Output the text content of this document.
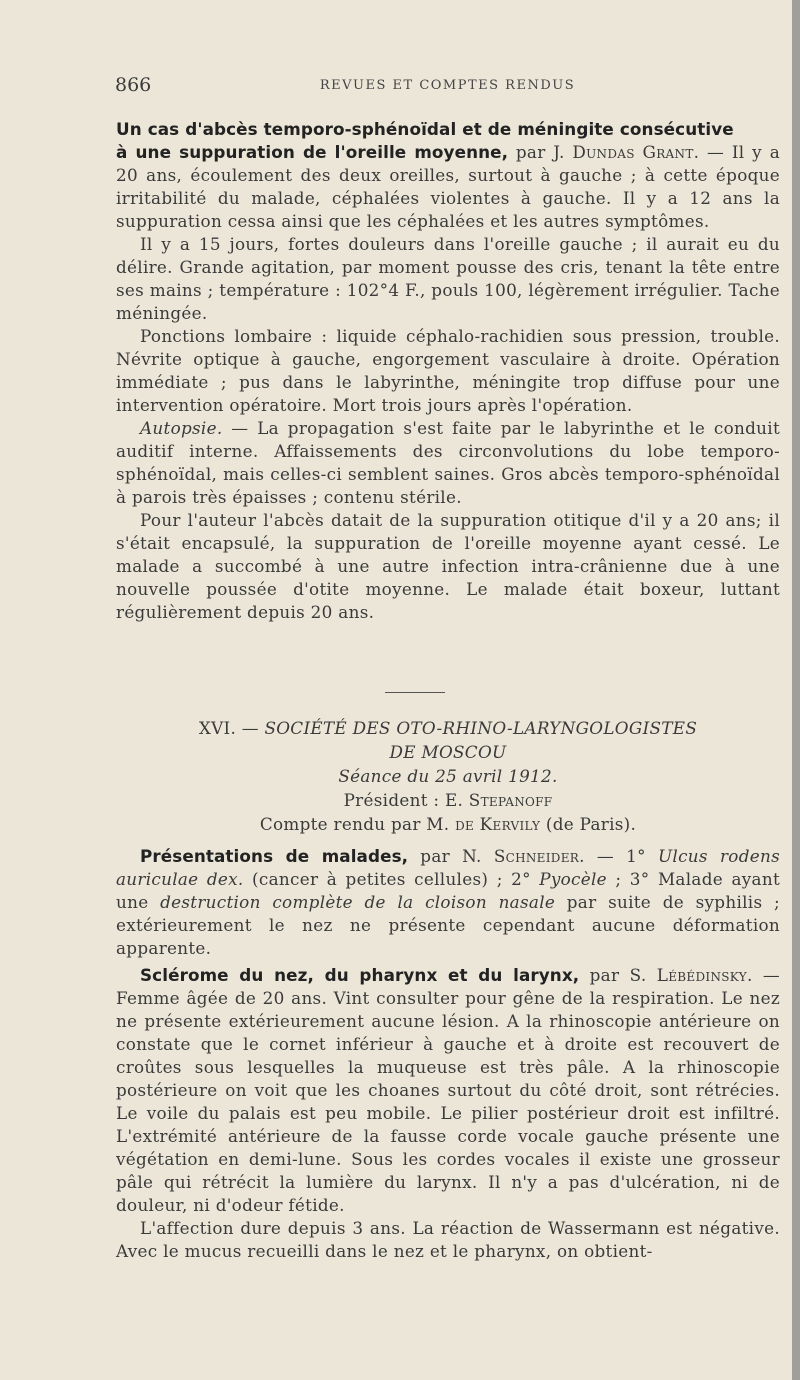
866	REVUES ET COMPTES RENDUS

Un cas d'abcès temporo-sphénoïdal et de méningite consécutive

à une suppuration de l'oreille moyenne, par J. Dundas Grant. — Il y a 20 ans, écoulement des deux oreilles, surtout à gauche ; à cette époque irritabilité du malade, céphalées violentes à gauche. Il y a 12 ans la suppuration cessa ainsi que les céphalées et les autres symptômes.

Il y a 15 jours, fortes douleurs dans l'oreille gauche ; il aurait eu du délire. Grande agitation, par moment pousse des cris, tenant la tête entre ses mains ; température : 102°4 F., pouls 100, légèrement irrégulier. Tache méningée.

Ponctions lombaire : liquide céphalo-rachidien sous pression, trouble. Névrite optique à gauche, engorgement vasculaire à droite. Opération immédiate ; pus dans le labyrinthe, méningite trop diffuse pour une intervention opératoire. Mort trois jours après l'opération.

Autopsie. — La propagation s'est faite par le labyrinthe et le conduit auditif interne. Affaissements des circonvolutions du lobe temporo-sphénoïdal, mais celles-ci semblent saines. Gros abcès temporo-sphénoïdal à parois très épaisses ; contenu stérile.

Pour l'auteur l'abcès datait de la suppuration otitique d'il y a 20 ans; il s'était encapsulé, la suppuration de l'oreille moyenne ayant cessé. Le malade a succombé à une autre infection intra-crânienne due à une nouvelle poussée d'otite moyenne. Le malade était boxeur, luttant régulièrement depuis 20 ans.

XVI. — SOCIÉTÉ DES OTO-RHINO-LARYNGOLOGISTES

DE MOSCOU

Séance du 25 avril 1912.

Président : E. Stepanoff

Compte rendu par M. de Kervily (de Paris).

Présentations de malades, par N. Schneider. — 1° Ulcus rodens auriculae dex. (cancer à petites cellules) ; 2° Pyocèle ; 3° Malade ayant une destruction complète de la cloison nasale par suite de syphilis ; extérieurement le nez ne présente cependant aucune déformation apparente.

Sclérome du nez, du pharynx et du larynx, par S. Lébédinsky. — Femme âgée de 20 ans. Vint consulter pour gêne de la respiration. Le nez ne présente extérieurement aucune lésion. A la rhinoscopie antérieure on constate que le cornet inférieur à gauche et à droite est recouvert de croûtes sous lesquelles la muqueuse est très pâle. A la rhinoscopie postérieure on voit que les choanes surtout du côté droit, sont rétrécies. Le voile du palais est peu mobile. Le pilier postérieur droit est infiltré. L'extrémité antérieure de la fausse corde vocale gauche présente une végétation en demi-lune. Sous les cordes vocales il existe une grosseur pâle qui rétrécit la lumière du larynx. Il n'y a pas d'ulcération, ni de douleur, ni d'odeur fétide.

L'affection dure depuis 3 ans. La réaction de Wassermann est négative. Avec le mucus recueilli dans le nez et le pharynx, on obtient-
